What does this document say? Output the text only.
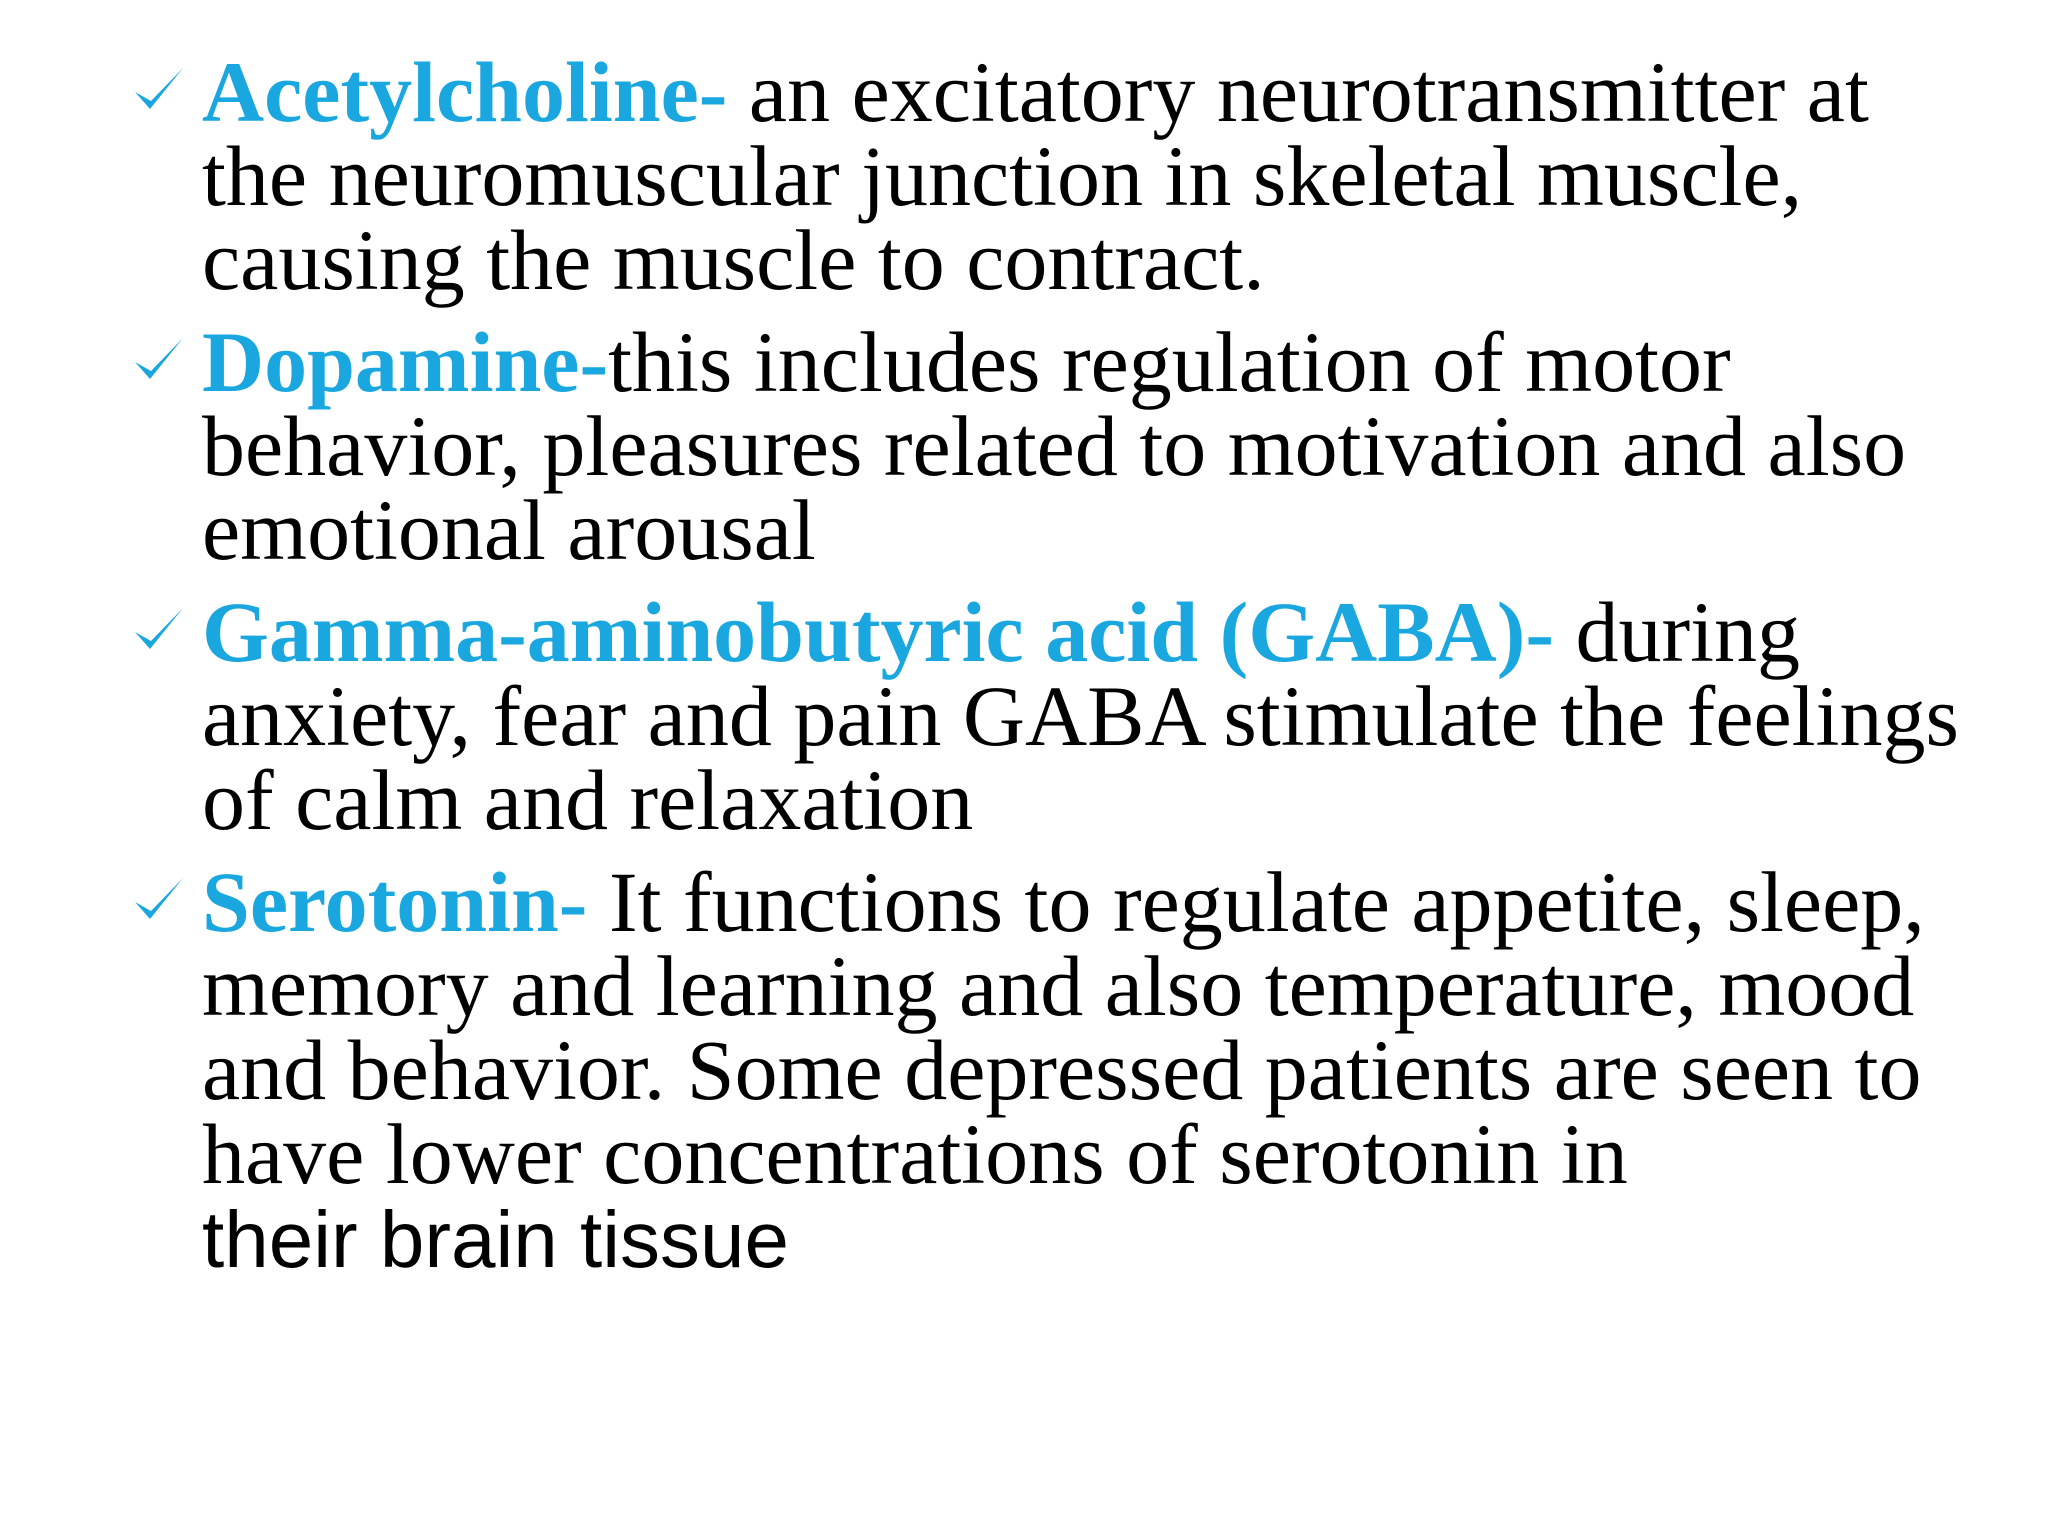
Acetylcholine- an excitatory neurotransmitter at the neuromuscular junction in skeletal muscle, causing the muscle to contract.
Dopamine-this includes regulation of motor behavior, pleasures related to motivation and also emotional arousal
Gamma-aminobutyric acid (GABA)- during anxiety, fear and pain GABA stimulate the feelings of calm and relaxation
Serotonin- It functions to regulate appetite, sleep, memory and learning and also temperature, mood and behavior. Some depressed patients are seen to have lower concentrations of serotonin in
their brain tissue
